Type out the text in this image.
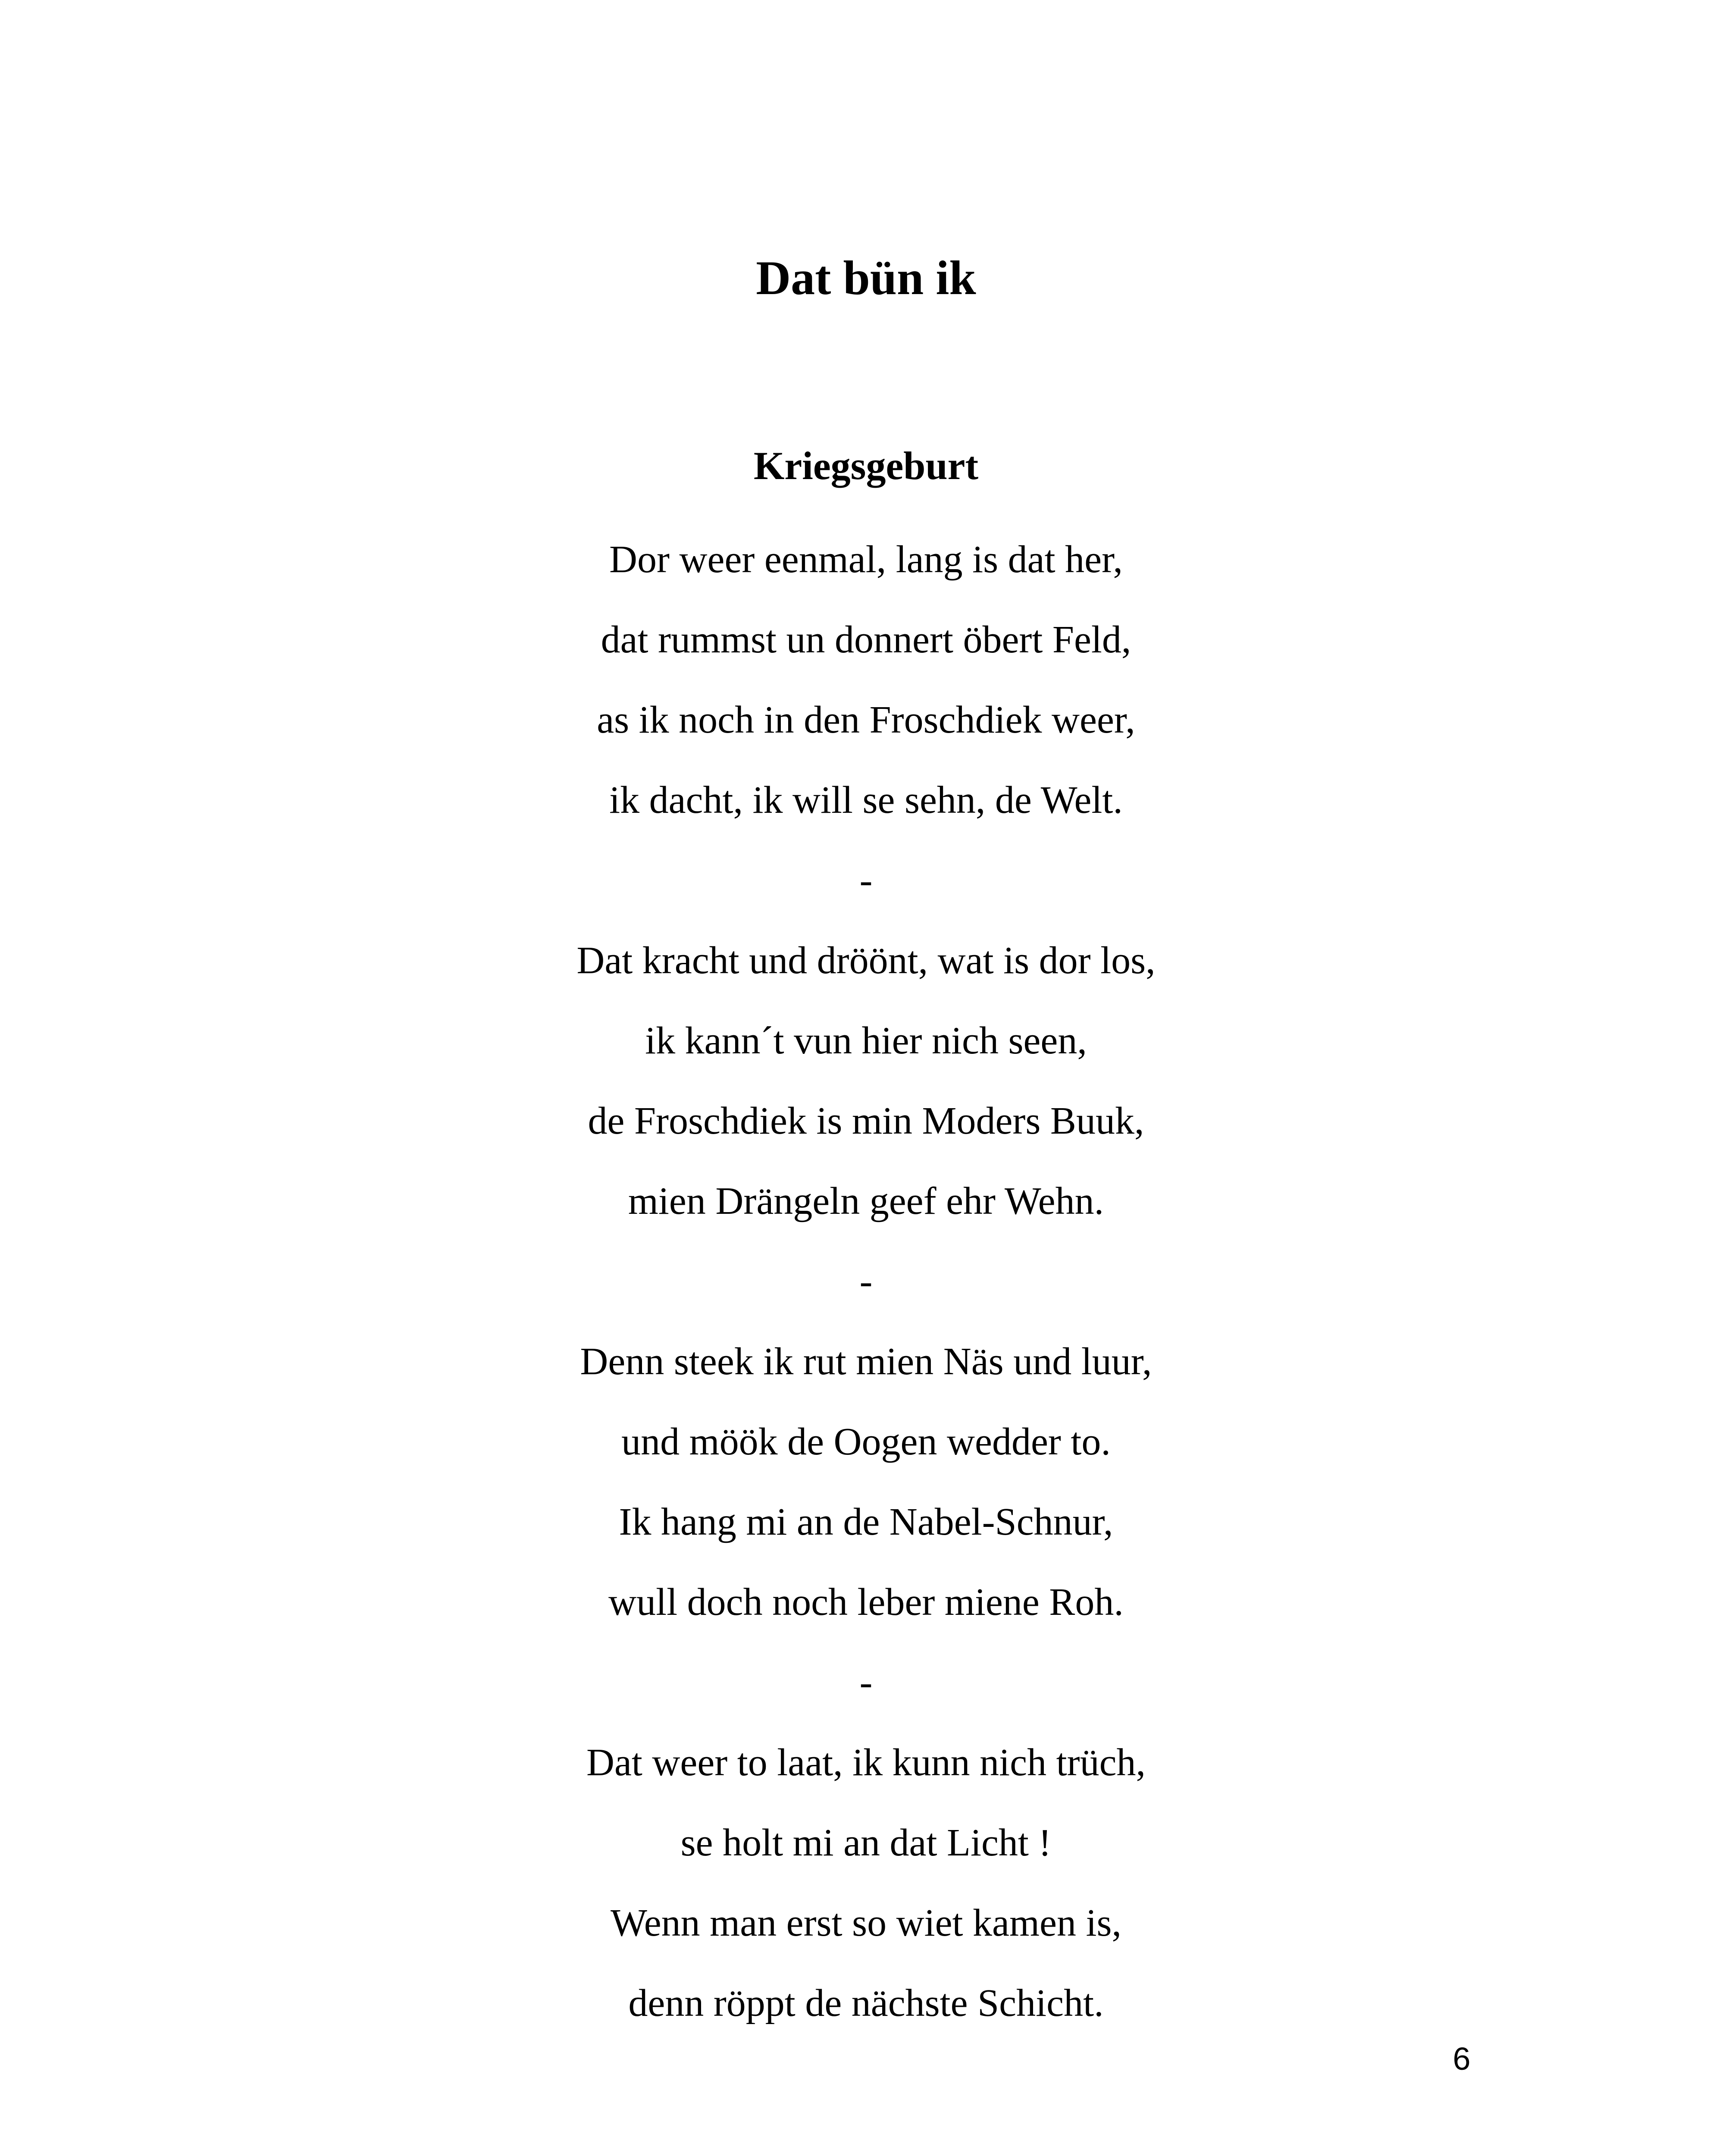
Dat bün ik
Kriegsgeburt
Dor weer eenmal, lang is dat her,
dat rummst un donnert öbert Feld,
as ik noch in den Froschdiek weer,
ik dacht, ik will se sehn, de Welt.
-
Dat kracht und dröönt, wat is dor los,
ik kann´t vun hier nich seen,
de Froschdiek is min Moders Buuk,
mien Drängeln geef ehr Wehn.
-
Denn steek ik rut mien Näs und luur,
und möök de Oogen wedder to.
Ik hang mi an de Nabel-Schnur,
wull doch noch leber miene Roh.
-
Dat weer to laat, ik kunn nich trüch,
se holt mi an dat Licht !
Wenn man erst so wiet kamen is,
denn röppt de nächste Schicht.
6
